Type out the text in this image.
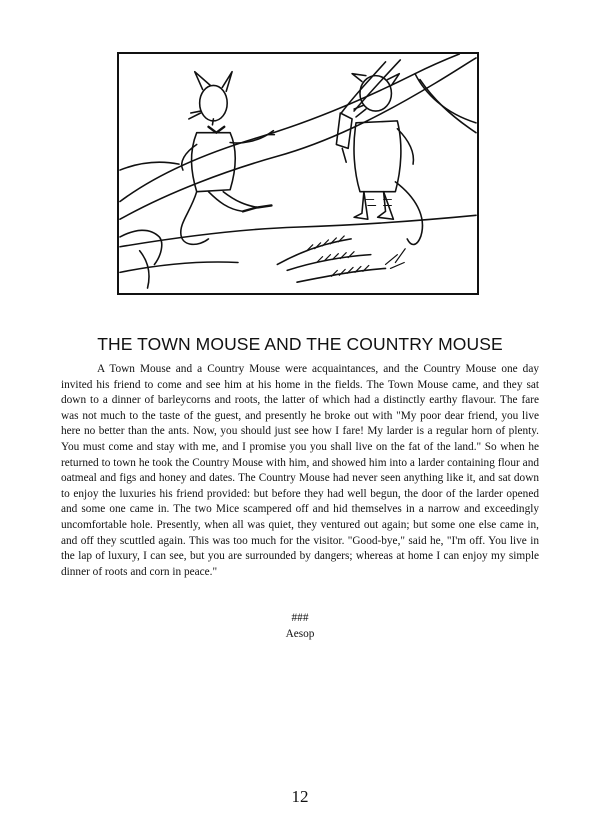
THE TOWN MOUSE AND THE COUNTRY MOUSE

A Town Mouse and a Country Mouse were acquaintances, and the Country Mouse one day invited his friend to come and see him at his home in the fields. The Town Mouse came, and they sat down to a dinner of barleycorns and roots, the latter of which had a distinctly earthy flavour. The fare was not much to the taste of the guest, and presently he broke out with "My poor dear friend, you live here no better than the ants. Now, you should just see how I fare! My larder is a regular horn of plenty. You must come and stay with me, and I promise you you shall live on the fat of the land." So when he returned to town he took the Country Mouse with him, and showed him into a larder containing flour and oatmeal and figs and honey and dates. The Country Mouse had never seen anything like it, and sat down to enjoy the luxuries his friend provided: but before they had well begun, the door of the larder opened and some one came in. The two Mice scampered off and hid themselves in a narrow and exceedingly uncomfortable hole. Presently, when all was quiet, they ventured out again; but some one else came in, and off they scuttled again. This was too much for the visitor. "Good-bye," said he, "I'm off. You live in the lap of luxury, I can see, but you are surrounded by dangers; whereas at home I can enjoy my simple dinner of roots and corn in peace."

###
Aesop
12
